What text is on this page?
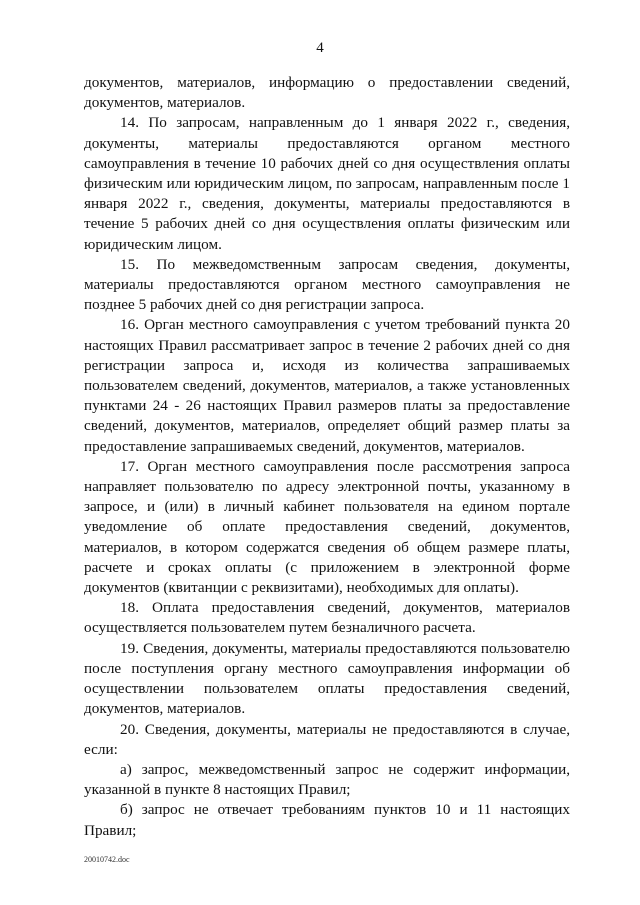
4

документов, материалов, информацию о предоставлении сведений, документов, материалов.

14. По запросам, направленным до 1 января 2022 г., сведения, документы, материалы предоставляются органом местного самоуправления в течение 10 рабочих дней со дня осуществления оплаты физическим или юридическим лицом, по запросам, направленным после 1 января 2022 г., сведения, документы, материалы предоставляются в течение 5 рабочих дней со дня осуществления оплаты физическим или юридическим лицом.

15. По межведомственным запросам сведения, документы, материалы предоставляются органом местного самоуправления не позднее 5 рабочих дней со дня регистрации запроса.

16. Орган местного самоуправления с учетом требований пункта 20 настоящих Правил рассматривает запрос в течение 2 рабочих дней со дня регистрации запроса и, исходя из количества запрашиваемых пользователем сведений, документов, материалов, а также установленных пунктами 24 - 26 настоящих Правил размеров платы за предоставление сведений, документов, материалов, определяет общий размер платы за предоставление запрашиваемых сведений, документов, материалов.

17. Орган местного самоуправления после рассмотрения запроса направляет пользователю по адресу электронной почты, указанному в запросе, и (или) в личный кабинет пользователя на едином портале уведомление об оплате предоставления сведений, документов, материалов, в котором содержатся сведения об общем размере платы, расчете и сроках оплаты (с приложением в электронной форме документов (квитанции с реквизитами), необходимых для оплаты).

18. Оплата предоставления сведений, документов, материалов осуществляется пользователем путем безналичного расчета.

19. Сведения, документы, материалы предоставляются пользователю после поступления органу местного самоуправления информации об осуществлении пользователем оплаты предоставления сведений, документов, материалов.

20. Сведения, документы, материалы не предоставляются в случае, если:

а) запрос, межведомственный запрос не содержит информации, указанной в пункте 8 настоящих Правил;

б) запрос не отвечает требованиям пунктов 10 и 11 настоящих Правил;

20010742.doc
